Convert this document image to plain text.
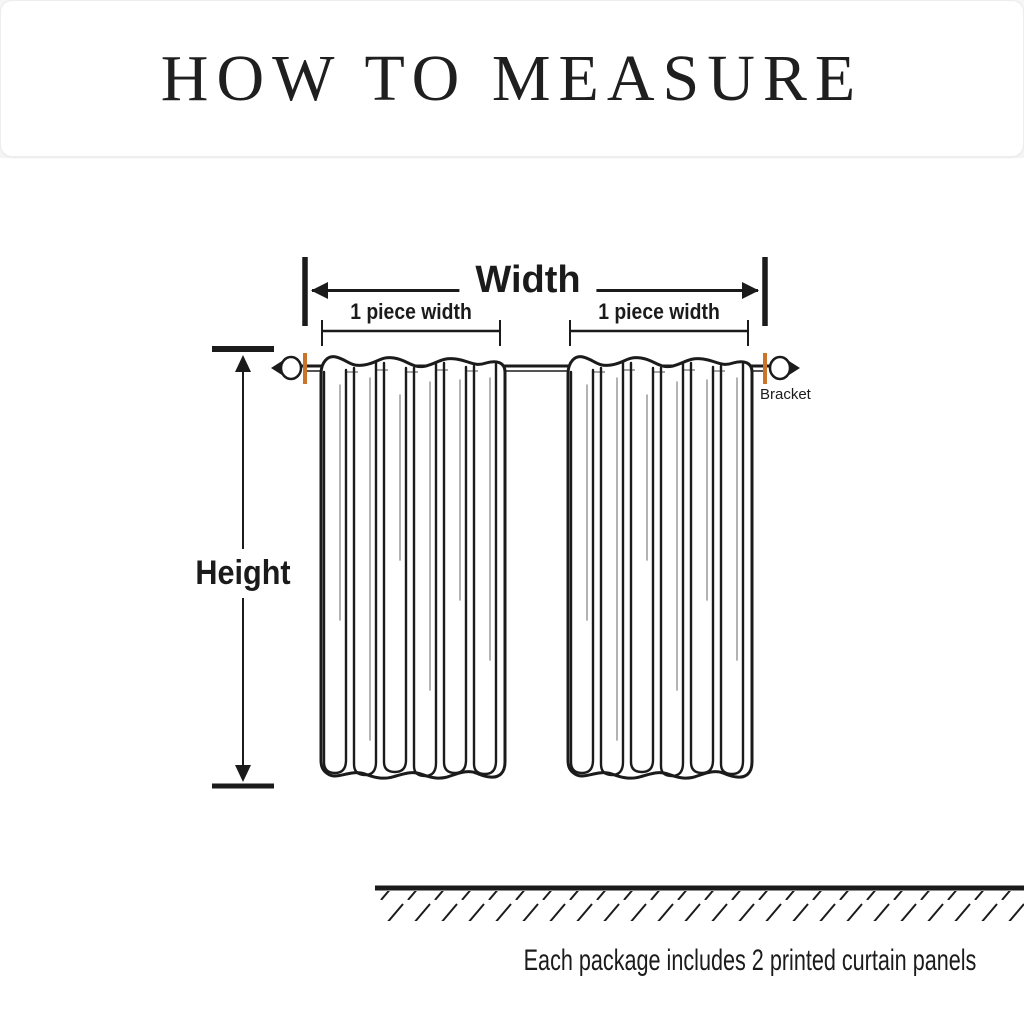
HOW TO MEASURE
Width
1 piece width	1 piece width
Height
Bracket
Each package includes 2 printed curtain panels
